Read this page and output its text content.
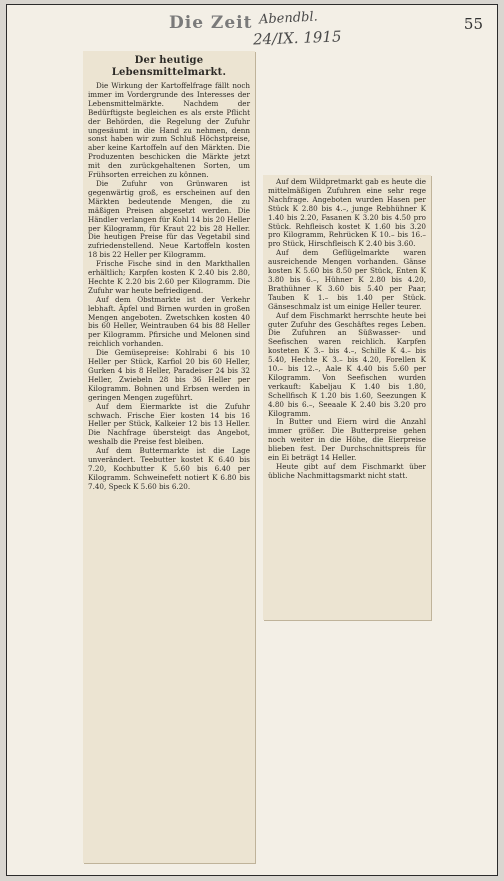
Die Zeit Abendbl.
24/IX. 1915
55
Der heutige Lebensmittelmarkt.

Die Wirkung der Kartoffelfrage fällt noch immer im Vordergrunde des Interesses der Lebensmittelmärkte. Nachdem der Bedürftigste begleichen es als erste Pflicht der Behörden, die Regelung der Zufuhr ungesäumt in die Hand zu nehmen, denn sonst haben wir zum Schluß Höchstpreise, aber keine Kartoffeln auf den Märkten. Die Produzenten beschicken die Märkte jetzt mit den zurückgehaltenen Sorten, um Frühsorten erreichen zu können.

Die Zufuhr von Grünwaren ist gegenwärtig groß, es erscheinen auf den Märkten bedeutende Mengen, die zu mäßigen Preisen abgesetzt werden. Die Händler verlangen für Kohl 14 bis 20 Heller per Kilogramm, für Kraut 22 bis 28 Heller. Die heutigen Preise für das Vegetabil sind zufriedenstellend. Neue Kartoffeln kosten 18 bis 22 Heller per Kilogramm.

Frische Fische sind in den Markthallen erhältlich; Karpfen kosten K 2.40 bis 2.80, Hechte K 2.20 bis 2.60 per Kilogramm. Die Zufuhr war heute befriedigend.

Auf dem Obstmarkte ist der Verkehr lebhaft. Äpfel und Birnen wurden in großen Mengen angeboten. Zwetschken kosten 40 bis 60 Heller, Weintrauben 64 bis 88 Heller per Kilogramm. Pfirsiche und Melonen sind reichlich vorhanden.

Die Gemüsepreise: Kohlrabi 6 bis 10 Heller per Stück, Karfiol 20 bis 60 Heller, Gurken 4 bis 8 Heller, Paradeiser 24 bis 32 Heller, Zwiebeln 28 bis 36 Heller per Kilogramm. Bohnen und Erbsen werden in geringen Mengen zugeführt.

Auf dem Eiermarkte ist die Zufuhr schwach. Frische Eier kosten 14 bis 16 Heller per Stück, Kalkeier 12 bis 13 Heller. Die Nachfrage übersteigt das Angebot, weshalb die Preise fest bleiben.

Auf dem Buttermarkte ist die Lage unverändert. Teebutter kostet K 6.40 bis 7.20, Kochbutter K 5.60 bis 6.40 per Kilogramm. Schweinefett notiert K 6.80 bis 7.40, Speck K 5.60 bis 6.20.

Auf dem Wildpretmarkt gab es heute die mittelmäßigen Zufuhren eine sehr rege Nachfrage. Angeboten wurden Hasen per Stück K 2.80 bis 4.–, junge Rebhühner K 1.40 bis 2.20, Fasanen K 3.20 bis 4.50 pro Stück. Rehfleisch kostet K 1.60 bis 3.20 pro Kilogramm, Rehrücken K 10.– bis 16.– pro Stück, Hirschfleisch K 2.40 bis 3.60.

Auf dem Geflügelmarkte waren ausreichende Mengen vorhanden. Gänse kosten K 5.60 bis 8.50 per Stück, Enten K 3.80 bis 6.–, Hühner K 2.80 bis 4.20, Brathühner K 3.60 bis 5.40 per Paar, Tauben K 1.– bis 1.40 per Stück. Gänseschmalz ist um einige Heller teurer.

Auf dem Fischmarkt herrschte heute bei guter Zufuhr des Geschäftes reges Leben. Die Zufuhren an Süßwasser- und Seefischen waren reichlich. Karpfen kosteten K 3.– bis 4.–, Schille K 4.– bis 5.40, Hechte K 3.– bis 4.20, Forellen K 10.– bis 12.–, Aale K 4.40 bis 5.60 per Kilogramm. Von Seefischen wurden verkauft: Kabeljau K 1.40 bis 1.80, Schellfisch K 1.20 bis 1.60, Seezungen K 4.80 bis 6.–, Seeaale K 2.40 bis 3.20 pro Kilogramm.

In Butter und Eiern wird die Anzahl immer größer. Die Butterpreise gehen noch weiter in die Höhe, die Eierpreise blieben fest. Der Durchschnittspreis für ein Ei beträgt 14 Heller.

Heute gibt auf dem Fischmarkt über übliche Nachmittagsmarkt nicht statt.
